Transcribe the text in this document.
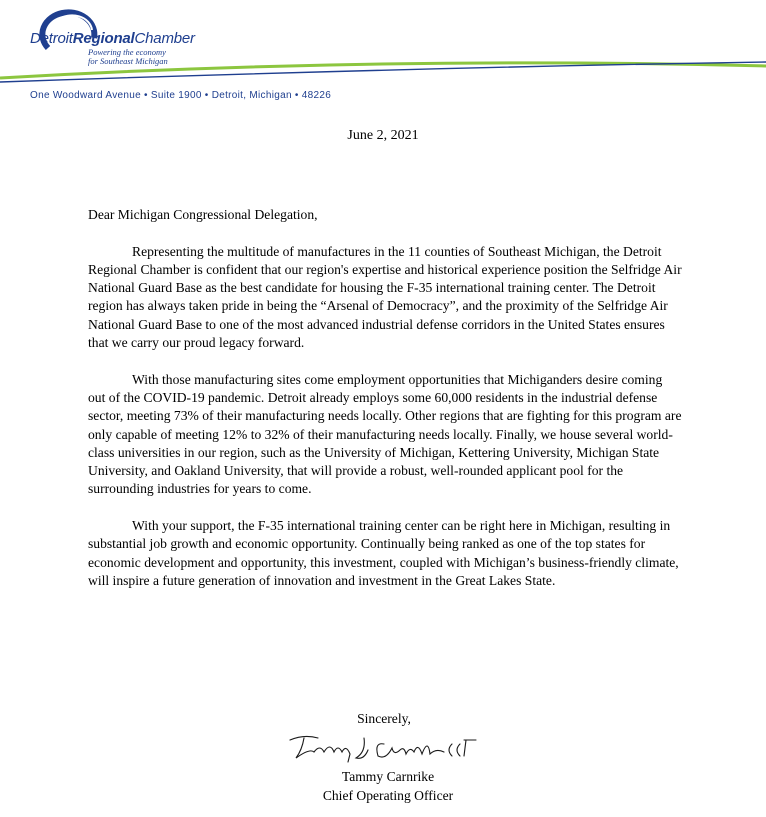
DetroitRegionalChamber
Powering the economy
for Southeast Michigan
One Woodward Avenue • Suite 1900 • Detroit, Michigan • 48226
June 2, 2021

Dear Michigan Congressional Delegation,

Representing the multitude of manufactures in the 11 counties of Southeast Michigan, the Detroit Regional Chamber is confident that our region's expertise and historical experience position the Selfridge Air National Guard Base as the best candidate for housing the F-35 international training center. The Detroit region has always taken pride in being the “Arsenal of Democracy”, and the proximity of the Selfridge Air National Guard Base to one of the most advanced industrial defense corridors in the United States ensures that we carry our proud legacy forward.

With those manufacturing sites come employment opportunities that Michiganders desire coming out of the COVID-19 pandemic. Detroit already employs some 60,000 residents in the industrial defense sector, meeting 73% of their manufacturing needs locally. Other regions that are fighting for this program are only capable of meeting 12% to 32% of their manufacturing needs locally. Finally, we house several world-class universities in our region, such as the University of Michigan, Kettering University, Michigan State University, and Oakland University, that will provide a robust, well-rounded applicant pool for the surrounding industries for years to come.

With your support, the F-35 international training center can be right here in Michigan, resulting in substantial job growth and economic opportunity. Continually being ranked as one of the top states for economic development and opportunity, this investment, coupled with Michigan’s business-friendly climate, will inspire a future generation of innovation and investment in the Great Lakes State.

Sincerely,
Tammy Carnrike
Chief Operating Officer
